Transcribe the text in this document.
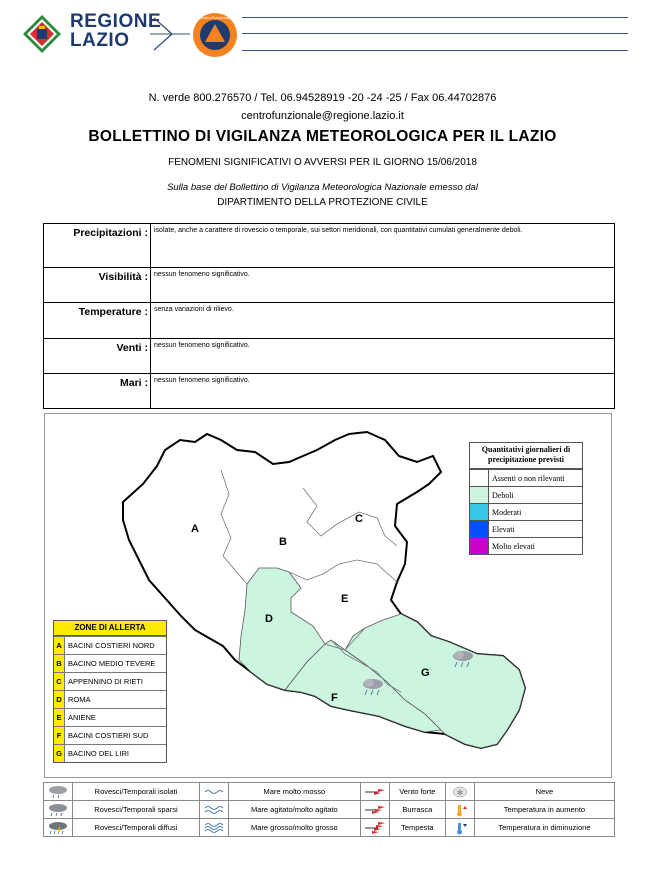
REGIONE
LAZIO
Centro Funzionale
N. verde 800.276570 / Tel. 06.94528919 -20 -24 -25 / Fax 06.44702876
centrofunzionale@regione.lazio.it
BOLLETTINO DI VIGILANZA METEOROLOGICA PER IL LAZIO
FENOMENI SIGNIFICATIVI O AVVERSI PER IL GIORNO 15/06/2018
Sulla base del Bollettino di Vigilanza Meteorologica Nazionale emesso dal
DIPARTIMENTO DELLA PROTEZIONE CIVILE
Precipitazioni :	isolate, anche a carattere di rovescio o temporale, sui settori meridionali, con quantitativi cumulati generalmente deboli.
Visibilità :	nessun fenomeno significativo.
Temperature :	senza variazioni di rilievo.
Venti :	nessun fenomeno significativo.
Mari :	nessun fenomeno significativo.
A
B
C
D
E
F
G
Quantitativi giornalieri di precipitazione previsti
Assenti o non rilevanti
Deboli
Moderati
Elevati
Molto elevati
ZONE DI ALLERTA
A BACINI COSTIERI NORD
B BACINO MEDIO TEVERE
C APPENNINO DI RIETI
D ROMA
E ANIENE
F BACINI COSTIERI SUD
G BACINO DEL LIRI
	Rovesci/Temporali isolati		Mare molto mosso		Vento forte	✻	Neve

	Rovesci/Temporali sparsi		Mare agitato/molto agitato		Burrasca		Temperatura in aumento

	Rovesci/Temporali diffusi		Mare grosso/molto grosso		Tempesta		Temperatura in diminuzione
